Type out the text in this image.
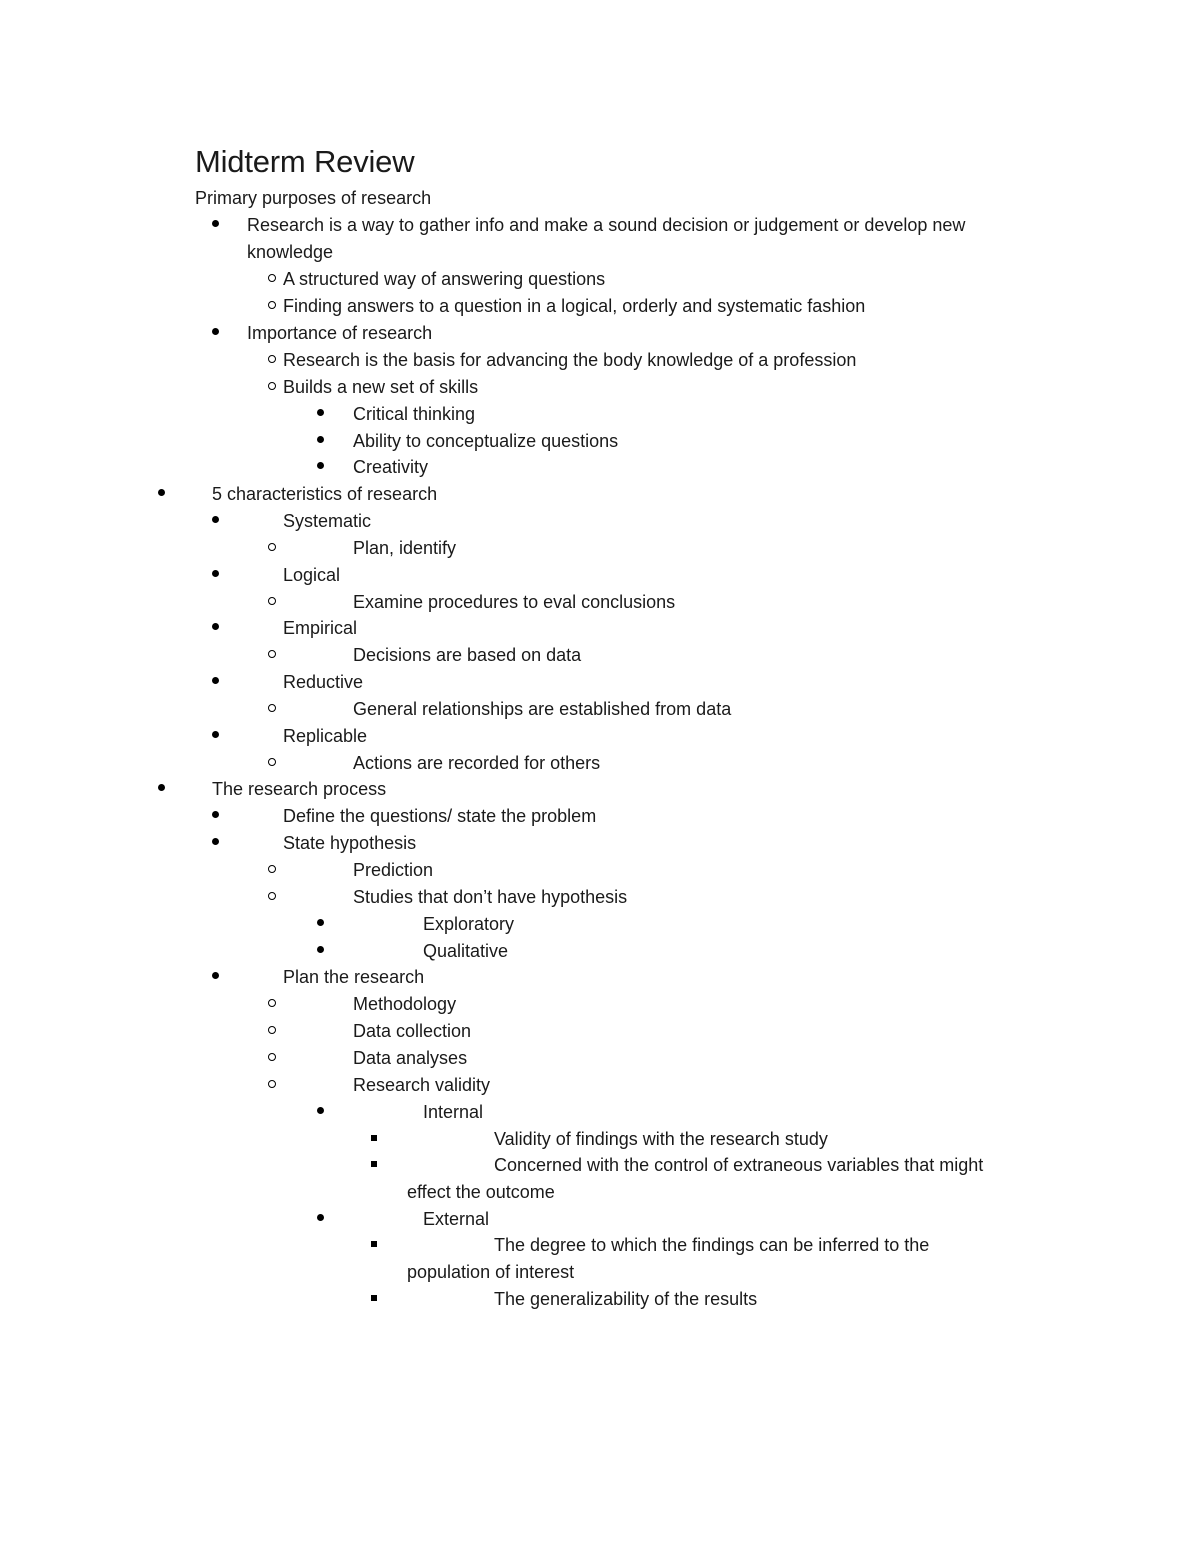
Midterm Review
Primary purposes of research
Research is a way to gather info and make a sound decision or judgement or develop new
knowledge
A structured way of answering questions
Finding answers to a question in a logical, orderly and systematic fashion
Importance of research
Research is the basis for advancing the body knowledge of a profession
Builds a new set of skills
Critical thinking
Ability to conceptualize questions
Creativity
5 characteristics of research
Systematic
Plan, identify
Logical
Examine procedures to eval conclusions
Empirical
Decisions are based on data
Reductive
General relationships are established from data
Replicable
Actions are recorded for others
The research process
Define the questions/ state the problem
State hypothesis
Prediction
Studies that don’t have hypothesis
Exploratory
Qualitative
Plan the research
Methodology
Data collection
Data analyses
Research validity
Internal
Validity of findings with the research study
Concerned with the control of extraneous variables that might
effect the outcome
External
The degree to which the findings can be inferred to the
population of interest
The generalizability of the results
